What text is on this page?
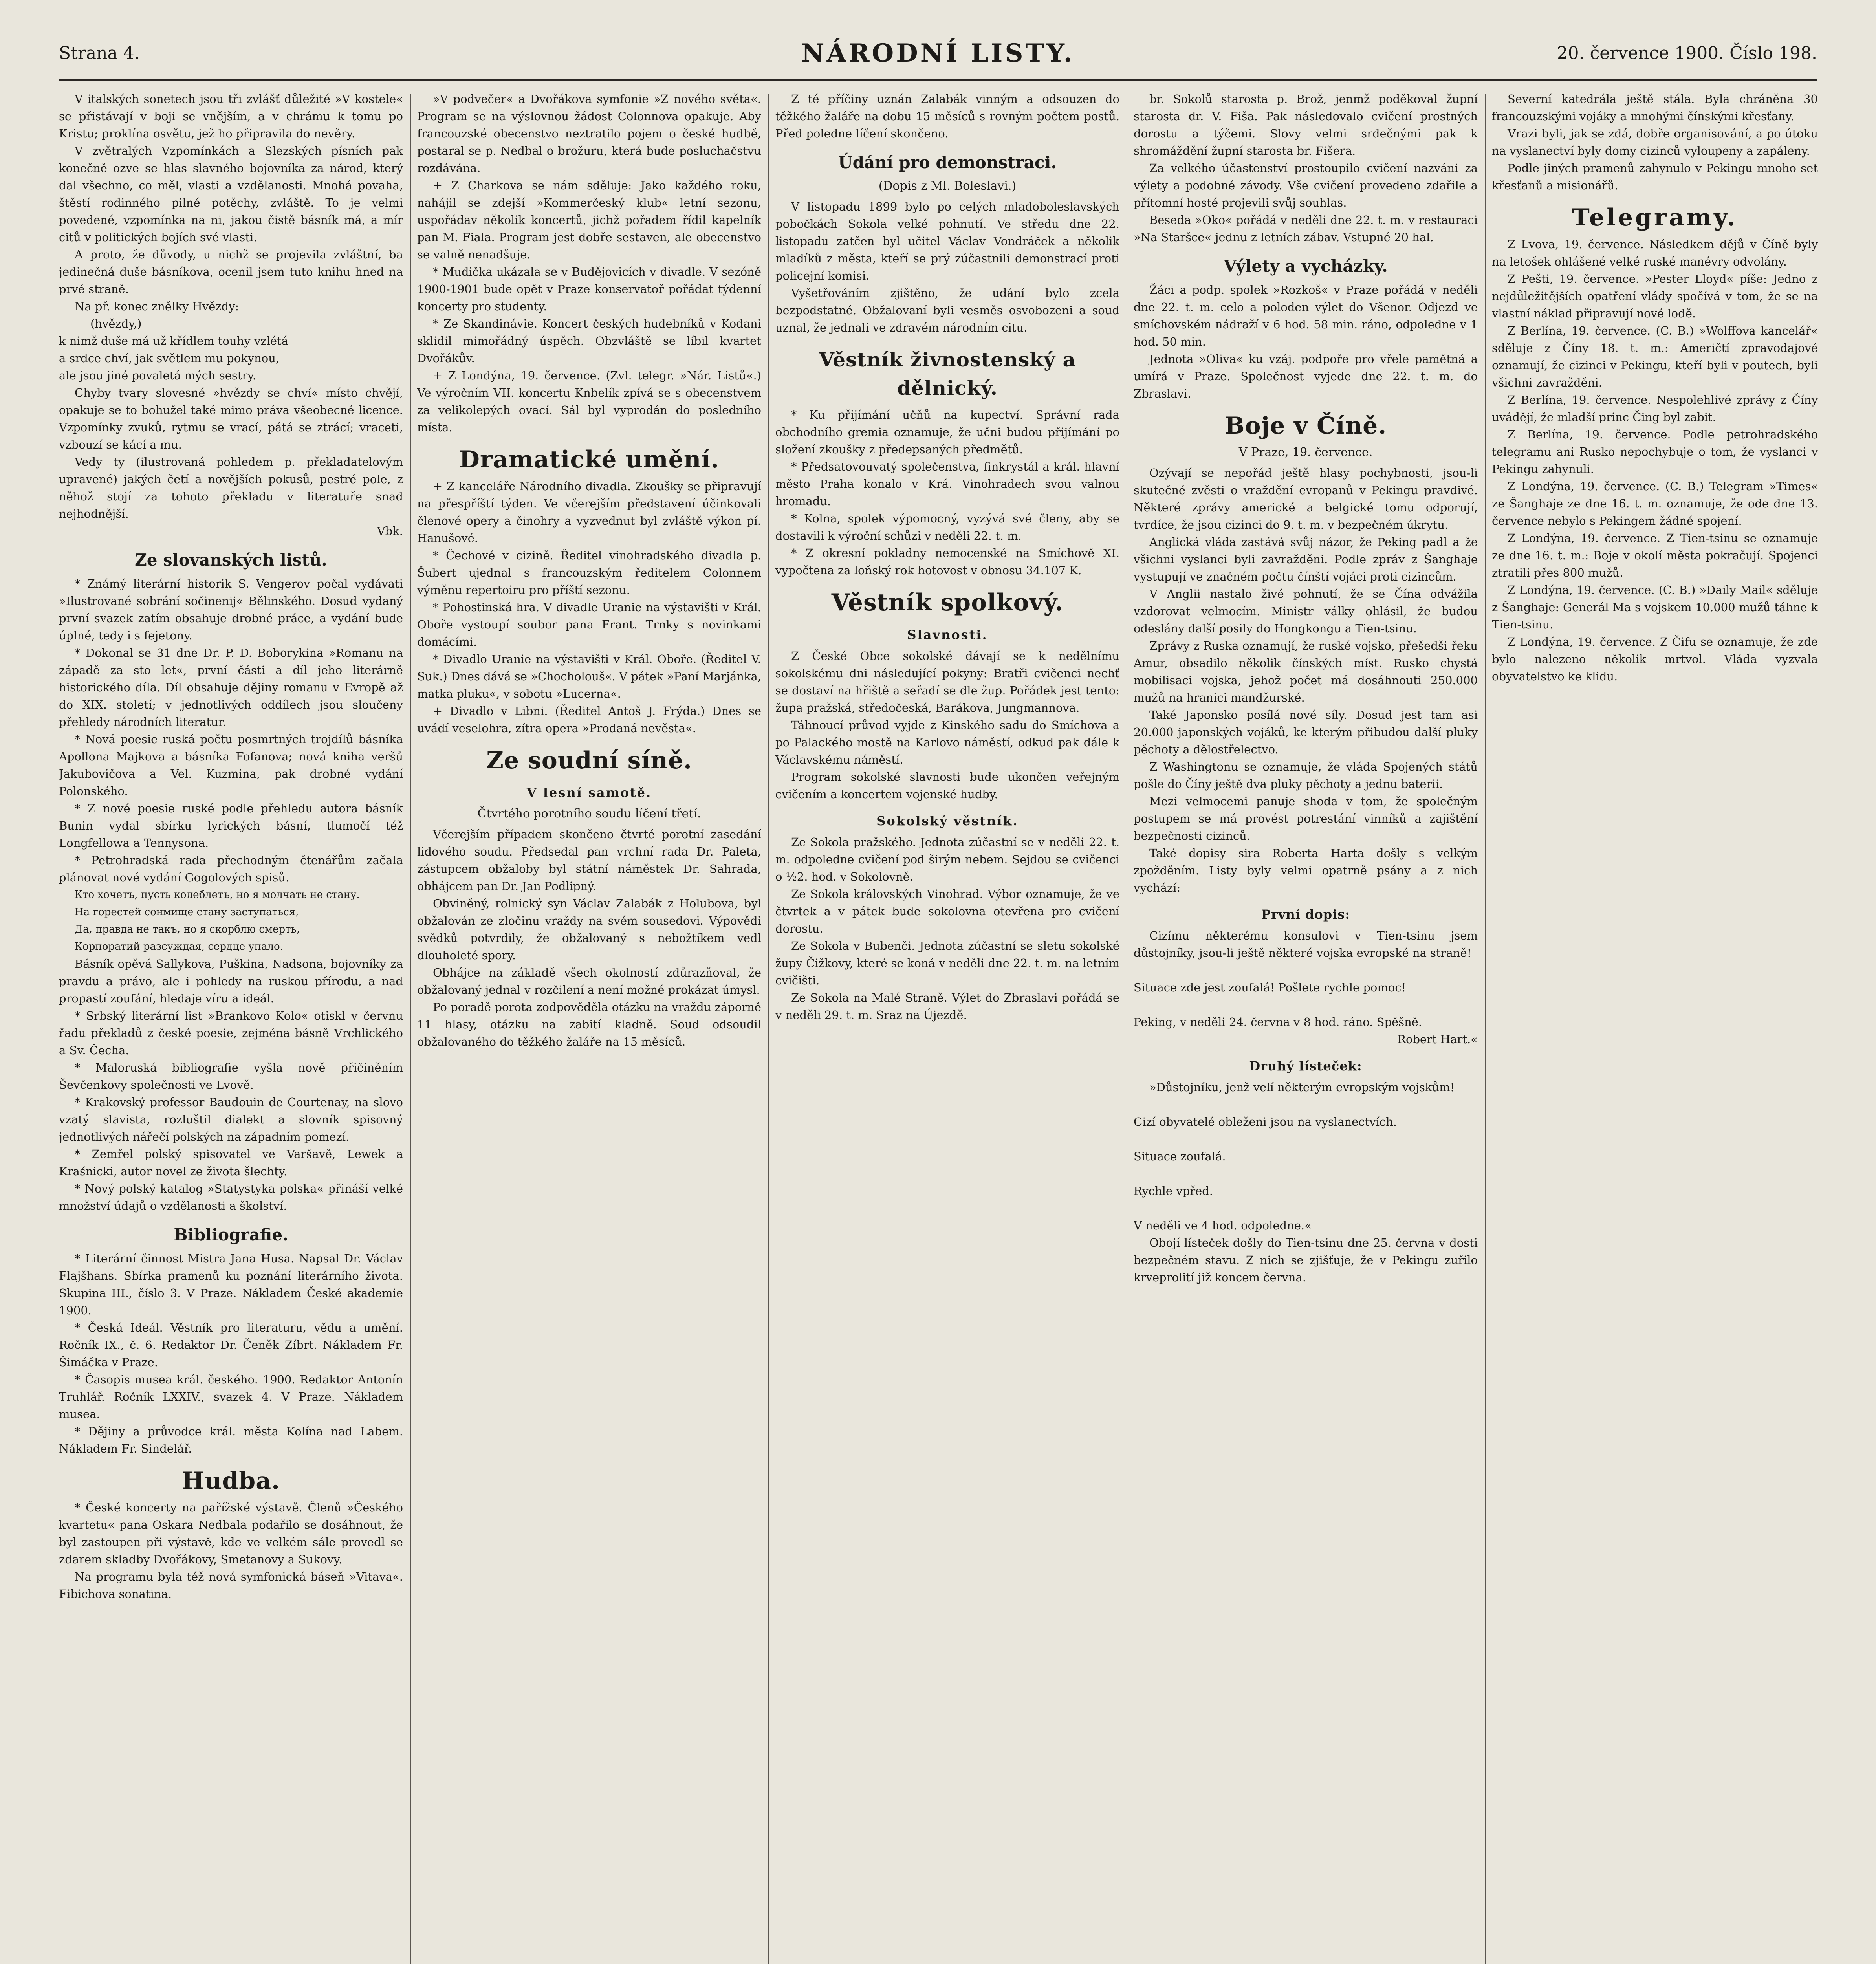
Strana 4.	NÁRODNÍ LISTY.	20. července 1900. Číslo 198.

V italských sonetech jsou tři zvlášť důležité »V kostele« se přistávají v boji se vnějším, a v chrámu k tomu po Kristu; proklína osvětu, jež ho připravila do nevěry.

V zvětralých Vzpomínkách a Slezských písních pak konečně ozve se hlas slavného bojovníka za národ, který dal všechno, co měl, vlasti a vzdělanosti. Mnohá povaha, štěstí rodinného pilné potěchy, zvláště. To je velmi povedené, vzpomínka na ni, jakou čistě básník má, a mír citů v politických bojích své vlasti.

A proto, že důvody, u nichž se projevila zvláštní, ba jedinečná duše básníkova, ocenil jsem tuto knihu hned na prvé straně.

Na př. konec znělky Hvězdy:

(hvězdy,)
k nimž duše má už křídlem touhy vzlétá
a srdce chví, jak světlem mu pokynou,
ale jsou jiné povaletá mých sestry.

Chyby tvary slovesné »hvězdy se chví« místo chvějí, opakuje se to bohužel také mimo práva všeobecné licence. Vzpomínky zvuků, rytmu se vrací, pátá se ztrácí; vraceti, vzbouzí se kácí a mu.

Vedy ty (ilustrovaná pohledem p. překladatelovým upravené) jakých četí a novějších pokusů, pestré pole, z něhož stojí za tohoto překladu v literatuře snad nejhodnější.

Vbk.

Ze slovanských listů.

* Známý literární historik S. Vengerov počal vydávati »Ilustrované sobrání sočinenij« Bělinského. Dosud vydaný první svazek zatím obsahuje drobné práce, a vydání bude úplné, tedy i s fejetony.

* Dokonal se 31 dne Dr. P. D. Boborykina »Romanu na západě za sto let«, první části a díl jeho literárně historického díla. Díl obsahuje dějiny romanu v Evropě až do XIX. století; v jednotlivých oddílech jsou sloučeny přehledy národních literatur.

* Nová poesie ruská počtu posmrtných trojdílů básníka Apollona Majkova a básníka Fofanova; nová kniha veršů Jakubovičova a Vel. Kuzmina, pak drobné vydání Polonského.

* Z nové poesie ruské podle přehledu autora básník Bunin vydal sbírku lyrických básní, tlumočí též Longfellowa a Tennysona.

* Petrohradská rada přechodným čtenářům začala plánovat nové vydání Gogolových spisů.

Кто хочетъ, пусть колеблетъ, но я молчать не стану.
На горестей сонмище стану заступаться,
Да, правда не такъ, но я скорблю смерть,
Корпоратий разсуждая, сердце упало.

Básník opěvá Sallykova, Puškina, Nadsona, bojovníky za pravdu a právo, ale i pohledy na ruskou přírodu, a nad propastí zoufání, hledaje víru a ideál.

* Srbský literární list »Brankovo Kolo« otiskl v červnu řadu překladů z české poesie, zejména básně Vrchlického a Sv. Čecha.

* Maloruská bibliografie vyšla nově přičiněním Ševčenkovy společnosti ve Lvově.

* Krakovský professor Baudouin de Courtenay, na slovo vzatý slavista, rozluštil dialekt a slovník spisovný jednotlivých nářečí polských na západním pomezí.

* Zemřel polský spisovatel ve Varšavě, Lewek a Kraśnicki, autor novel ze života šlechty.

* Nový polský katalog »Statystyka polska« přináší velké množství údajů o vzdělanosti a školství.

Bibliografie.

* Literární činnost Mistra Jana Husa. Napsal Dr. Václav Flajšhans. Sbírka pramenů ku poznání literárního života. Skupina III., číslo 3. V Praze. Nákladem České akademie 1900.

* Česká Ideál. Věstník pro literaturu, vědu a umění. Ročník IX., č. 6. Redaktor Dr. Čeněk Zíbrt. Nákladem Fr. Šimáčka v Praze.

* Časopis musea král. českého. 1900. Redaktor Antonín Truhlář. Ročník LXXIV., svazek 4. V Praze. Nákladem musea.

* Dějiny a průvodce král. města Kolína nad Labem. Nákladem Fr. Sindelář.

Hudba.

* České koncerty na pařížské výstavě. Členů »Českého kvartetu« pana Oskara Nedbala podařilo se dosáhnout, že byl zastoupen při výstavě, kde ve velkém sále provedl se zdarem skladby Dvořákovy, Smetanovy a Sukovy.

Na programu byla též nová symfonická báseň »Vitava«. Fibichova sonatina.

»V podvečer« a Dvořákova symfonie »Z nového světa«. Program se na výslovnou žádost Colonnova opakuje. Aby francouzské obecenstvo neztratilo pojem o české hudbě, postaral se p. Nedbal o brožuru, která bude posluchačstvu rozdávána.

+ Z Charkova se nám sděluje: Jako každého roku, nahájil se zdejší »Kommerčeský klub« letní sezonu, uspořádav několik koncertů, jichž pořadem řídil kapelník pan M. Fiala. Program jest dobře sestaven, ale obecenstvo se valně nenadšuje.

* Mudička ukázala se v Budějovicích v divadle. V sezóně 1900-1901 bude opět v Praze konservatoř pořádat týdenní koncerty pro studenty.

* Ze Skandinávie. Koncert českých hudebníků v Kodani sklidil mimořádný úspěch. Obzvláště se líbil kvartet Dvořákův.

+ Z Londýna, 19. července. (Zvl. telegr. »Nár. Listů«.) Ve výročním VII. koncertu Knbelík zpívá se s obecenstvem za velikolepých ovací. Sál byl vyprodán do posledního místa.

Dramatické umění.

+ Z kanceláře Národního divadla. Zkoušky se připravují na přespříští týden. Ve včerejším představení účinkovali členové opery a činohry a vyzvednut byl zvláště výkon pí. Hanušové.

* Čechové v cizině. Ředitel vinohradského divadla p. Šubert ujednal s francouzským ředitelem Colonnem výměnu repertoiru pro příští sezonu.

* Pohostinská hra. V divadle Uranie na výstavišti v Král. Oboře vystoupí soubor pana Frant. Trnky s novinkami domácími.

* Divadlo Uranie na výstavišti v Král. Oboře. (Ředitel V. Suk.) Dnes dává se »Chocholouš«. V pátek »Paní Marjánka, matka pluku«, v sobotu »Lucerna«.

+ Divadlo v Libni. (Ředitel Antoš J. Frýda.) Dnes se uvádí veselohra, zítra opera »Prodaná nevěsta«.

Ze soudní síně.
V lesní samotě.
Čtvrtého porotního soudu líčení třetí.

Včerejším případem skončeno čtvrté porotní zasedání lidového soudu. Předsedal pan vrchní rada Dr. Paleta, zástupcem obžaloby byl státní náměstek Dr. Sahrada, obhájcem pan Dr. Jan Podlipný.

Obviněný, rolnický syn Václav Zalabák z Holubova, byl obžalován ze zločinu vraždy na svém sousedovi. Výpovědi svědků potvrdily, že obžalovaný s nebožtíkem vedl dlouholeté spory.

Obhájce na základě všech okolností zdůrazňoval, že obžalovaný jednal v rozčilení a není možné prokázat úmysl.

Po poradě porota zodpověděla otázku na vraždu záporně 11 hlasy, otázku na zabití kladně. Soud odsoudil obžalovaného do těžkého žaláře na 15 měsíců.

Z té příčiny uznán Zalabák vinným a odsouzen do těžkého žaláře na dobu 15 měsíců s rovným počtem postů. Před poledne líčení skončeno.

Údání pro demonstraci.
(Dopis z Ml. Boleslavi.)

V listopadu 1899 bylo po celých mladoboleslavských pobočkách Sokola velké pohnutí. Ve středu dne 22. listopadu zatčen byl učitel Václav Vondráček a několik mladíků z města, kteří se prý zúčastnili demonstrací proti policejní komisi.

Vyšetřováním zjištěno, že udání bylo zcela bezpodstatné. Obžalovaní byli vesměs osvobozeni a soud uznal, že jednali ve zdravém národním citu.

Věstník živnostenský a dělnický.

* Ku přijímání učňů na kupectví. Správní rada obchodního gremia oznamuje, že učni budou přijímání po složení zkoušky z předepsaných předmětů.

* Předsatovouvatý společenstva, finkrystál a král. hlavní město Praha konalo v Krá. Vinohradech svou valnou hromadu.

* Kolna, spolek výpomocný, vyzývá své členy, aby se dostavili k výroční schůzi v neděli 22. t. m.

* Z okresní pokladny nemocenské na Smíchově XI. vypočtena za loňský rok hotovost v obnosu 34.107 K.

Věstník spolkový.
Slavnosti.

Z České Obce sokolské dávají se k nedělnímu sokolskému dni následující pokyny: Bratři cvičenci nechť se dostaví na hřiště a seřadí se dle žup. Pořádek jest tento: župa pražská, středočeská, Barákova, Jungmannova.

Táhnoucí průvod vyjde z Kinského sadu do Smíchova a po Palackého mostě na Karlovo náměstí, odkud pak dále k Václavskému náměstí.

Program sokolské slavnosti bude ukončen veřejným cvičením a koncertem vojenské hudby.

Sokolský věstník.

Ze Sokola pražského. Jednota zúčastní se v neděli 22. t. m. odpoledne cvičení pod širým nebem. Sejdou se cvičenci o ½2. hod. v Sokolovně.

Ze Sokola královských Vinohrad. Výbor oznamuje, že ve čtvrtek a v pátek bude sokolovna otevřena pro cvičení dorostu.

Ze Sokola v Bubenči. Jednota zúčastní se sletu sokolské župy Čižkovy, které se koná v neděli dne 22. t. m. na letním cvičišti.

Ze Sokola na Malé Straně. Výlet do Zbraslavi pořádá se v neděli 29. t. m. Sraz na Újezdě.

br. Sokolů starosta p. Brož, jenmž poděkoval župní starosta dr. V. Fiša. Pak následovalo cvičení prostných dorostu a týčemi. Slovy velmi srdečnými pak k shromáždění župní starosta br. Fišera.

Za velkého účastenství prostoupilo cvičení nazváni za výlety a podobné závody. Vše cvičení provedeno zdařile a přítomní hosté projevili svůj souhlas.

Beseda »Oko« pořádá v neděli dne 22. t. m. v restauraci »Na Staršce« jednu z letních zábav. Vstupné 20 hal.

Výlety a vycházky.

Žáci a podp. spolek »Rozkoš« v Praze pořádá v neděli dne 22. t. m. celo a poloden výlet do Všenor. Odjezd ve smíchovském nádraží v 6 hod. 58 min. ráno, odpoledne v 1 hod. 50 min.

Jednota »Oliva« ku vzáj. podpoře pro vřele pamětná a umírá v Praze. Společnost vyjede dne 22. t. m. do Zbraslavi.

Boje v Číně.
V Praze, 19. července.

Ozývají se nepořád ještě hlasy pochybnosti, jsou-li skutečné zvěsti o vraždění evropanů v Pekingu pravdivé. Některé zprávy americké a belgické tomu odporují, tvrdíce, že jsou cizinci do 9. t. m. v bezpečném úkrytu.

Anglická vláda zastává svůj názor, že Peking padl a že všichni vyslanci byli zavražděni. Podle zpráv z Šanghaje vystupují ve značném počtu čínští vojáci proti cizincům.

V Anglii nastalo živé pohnutí, že se Čína odvážila vzdorovat velmocím. Ministr války ohlásil, že budou odeslány další posily do Hongkongu a Tien-tsinu.

Zprávy z Ruska oznamují, že ruské vojsko, přešedši řeku Amur, obsadilo několik čínských míst. Rusko chystá mobilisaci vojska, jehož počet má dosáhnouti 250.000 mužů na hranici mandžurské.

Také Japonsko posílá nové síly. Dosud jest tam asi 20.000 japonských vojáků, ke kterým přibudou další pluky pěchoty a dělostřelectvo.

Z Washingtonu se oznamuje, že vláda Spojených států pošle do Číny ještě dva pluky pěchoty a jednu baterii.

Mezi velmocemi panuje shoda v tom, že společným postupem se má provést potrestání vinníků a zajištění bezpečnosti cizinců.

Také dopisy sira Roberta Harta došly s velkým zpožděním. Listy byly velmi opatrně psány a z nich vychází:

První dopis:

Cizímu některému konsulovi v Tien-tsinu jsem důstojníky, jsou-li ještě některé vojska evropské na straně!

Situace zde jest zoufalá! Pošlete rychle pomoc!

Peking, v neděli 24. června v 8 hod. ráno. Spěšně.

Robert Hart.«

Druhý lísteček:

»Důstojníku, jenž velí některým evropským vojskům!

Cizí obyvatelé obleženi jsou na vyslanectvích.

Situace zoufalá.

Rychle vpřed.

V neděli ve 4 hod. odpoledne.«

Obojí lísteček došly do Tien-tsinu dne 25. června v dosti bezpečném stavu. Z nich se zjišťuje, že v Pekingu zuřilo krveprolití již koncem června.

Severní katedrála ještě stála. Byla chráněna 30 francouzskými vojáky a mnohými čínskými křesťany.

Vrazi byli, jak se zdá, dobře organisování, a po útoku na vyslanectví byly domy cizinců vyloupeny a zapáleny.

Podle jiných pramenů zahynulo v Pekingu mnoho set křesťanů a misionářů.

Telegramy.

Z Lvova, 19. července. Následkem dějů v Číně byly na letošek ohlášené velké ruské manévry odvolány.

Z Pešti, 19. července. »Pester Lloyd« píše: Jedno z nejdůležitějších opatření vlády spočívá v tom, že se na vlastní náklad připravují nové lodě.

Z Berlína, 19. července. (C. B.) »Wolffova kancelář« sděluje z Číny 18. t. m.: Američtí zpravodajové oznamují, že cizinci v Pekingu, kteří byli v poutech, byli všichni zavražděni.

Z Berlína, 19. července. Nespolehlivé zprávy z Číny uvádějí, že mladší princ Čing byl zabit.

Z Berlína, 19. července. Podle petrohradského telegramu ani Rusko nepochybuje o tom, že vyslanci v Pekingu zahynuli.

Z Londýna, 19. července. (C. B.) Telegram »Times« ze Šanghaje ze dne 16. t. m. oznamuje, že ode dne 13. července nebylo s Pekingem žádné spojení.

Z Londýna, 19. července. Z Tien-tsinu se oznamuje ze dne 16. t. m.: Boje v okolí města pokračují. Spojenci ztratili přes 800 mužů.

Z Londýna, 19. července. (C. B.) »Daily Mail« sděluje z Šanghaje: Generál Ma s vojskem 10.000 mužů táhne k Tien-tsinu.

Z Londýna, 19. července. Z Čifu se oznamuje, že zde bylo nalezeno několik mrtvol. Vláda vyzvala obyvatelstvo ke klidu.
